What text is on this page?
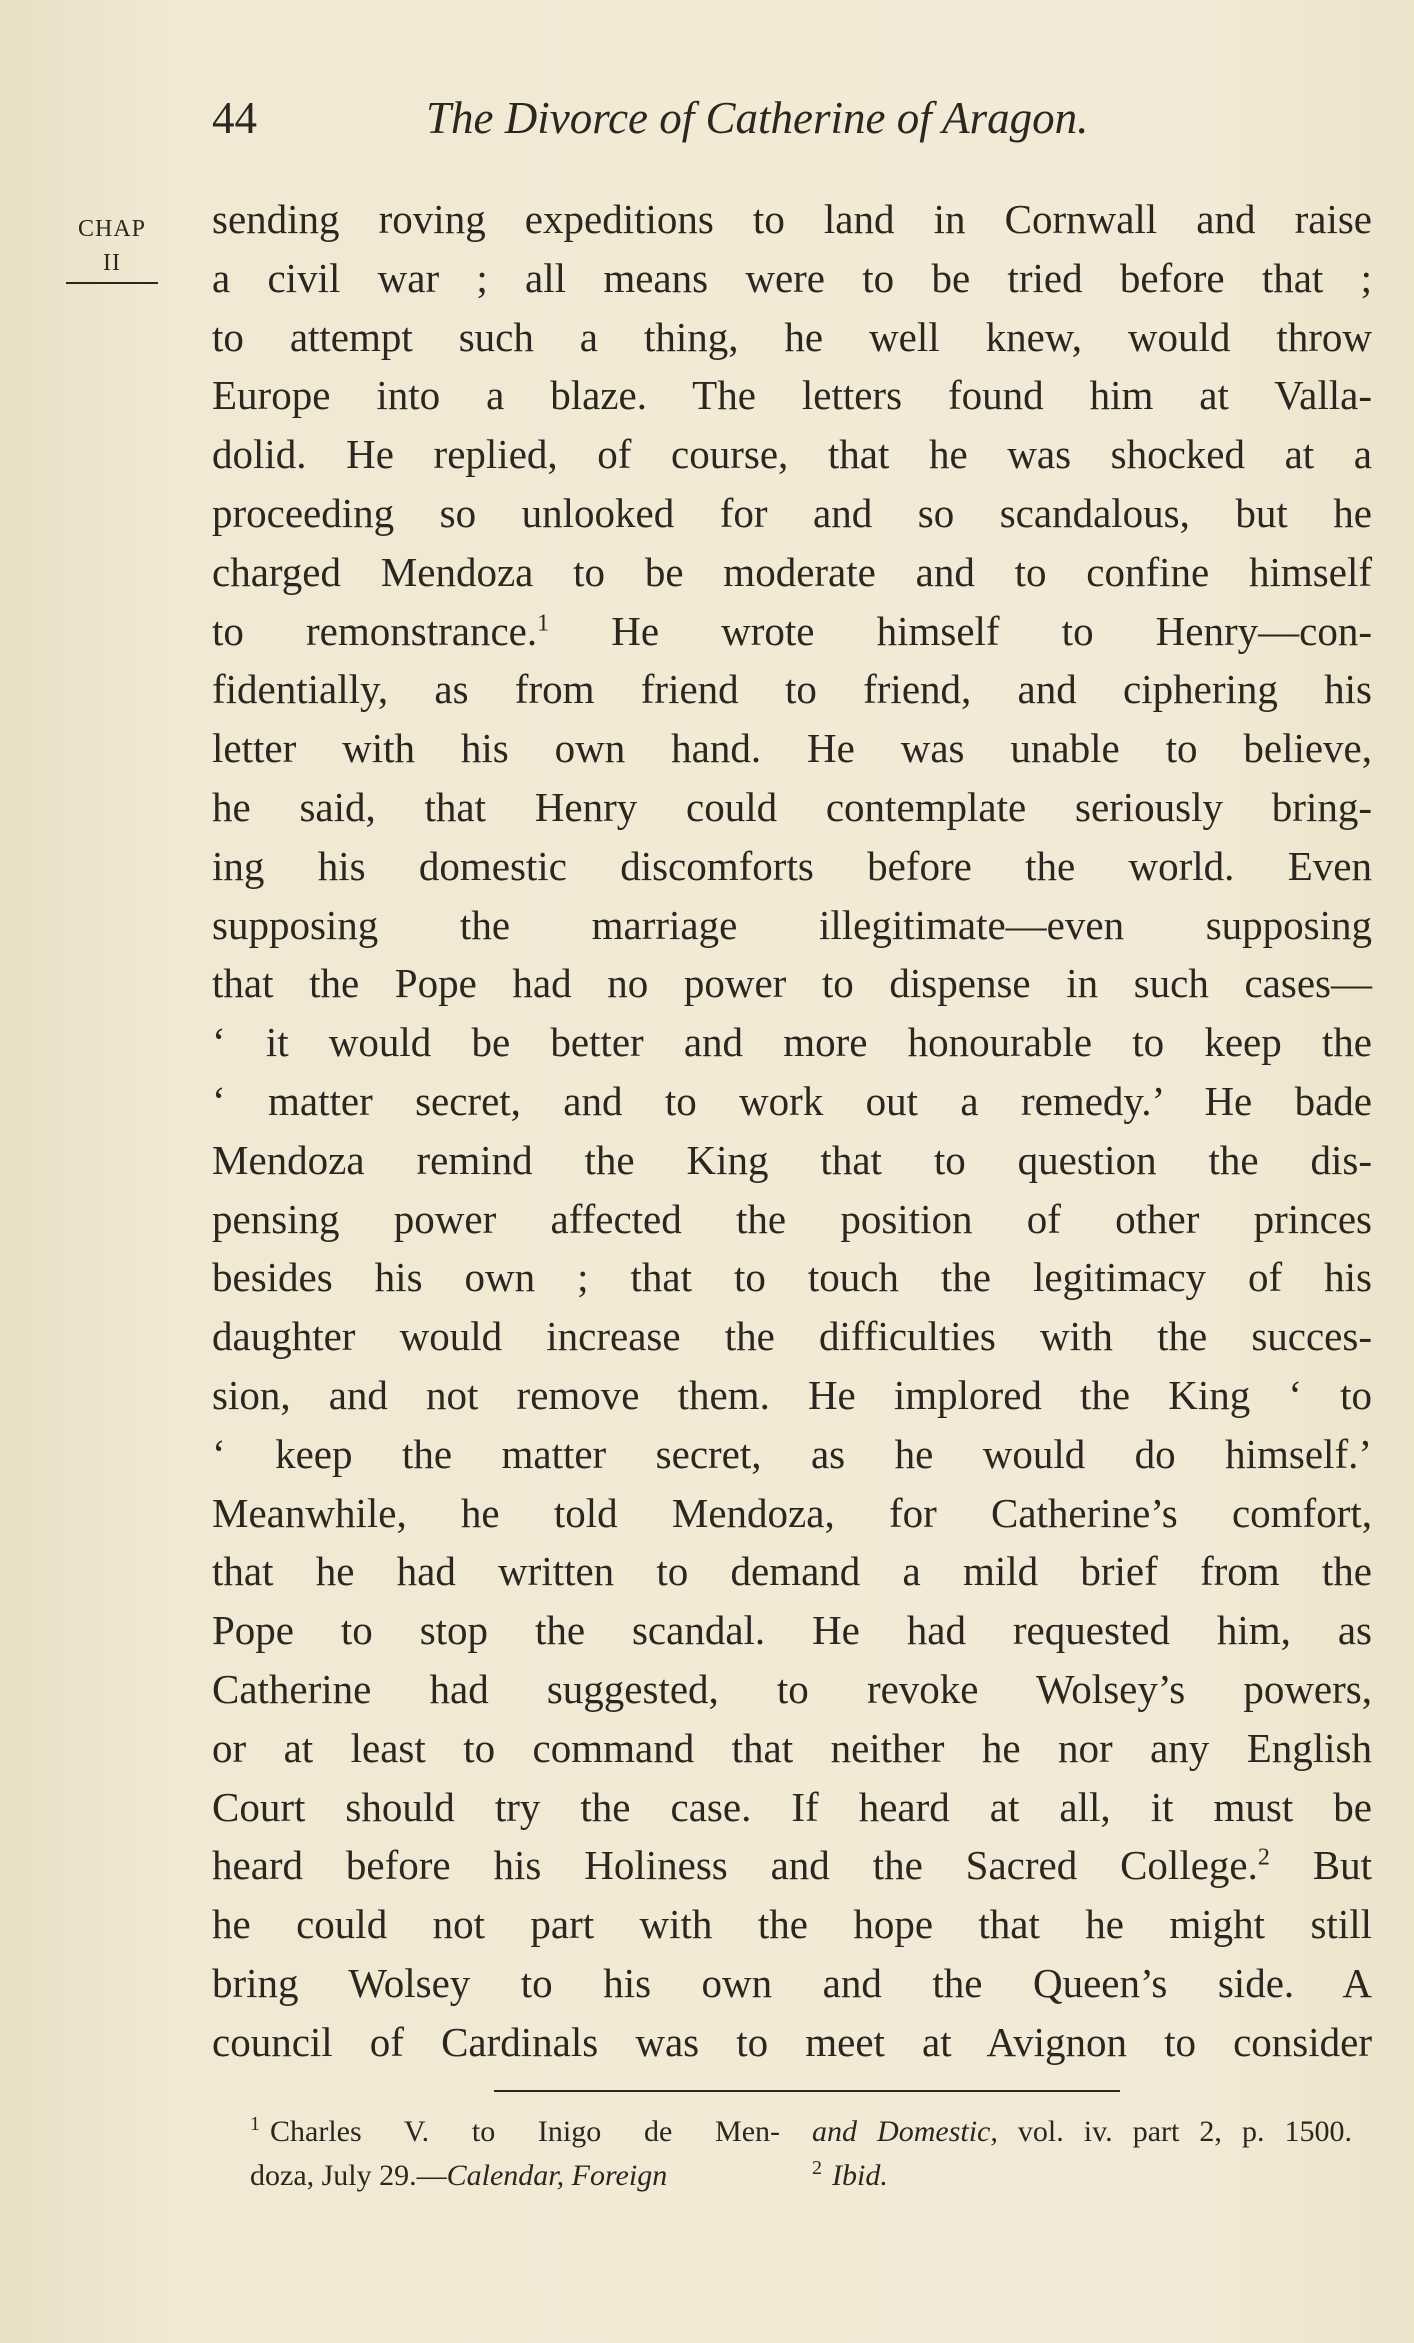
44	The Divorce of Catherine of Aragon.
CHAP
II
sending roving expeditions to land in Cornwall and raise
a civil war ; all means were to be tried before that ;
to attempt such a thing, he well knew, would throw
Europe into a blaze. The letters found him at Valla-
dolid. He replied, of course, that he was shocked at a
proceeding so unlooked for and so scandalous, but he
charged Mendoza to be moderate and to confine himself
to remonstrance.$^1$ He wrote himself to Henry—con-
fidentially, as from friend to friend, and ciphering his
letter with his own hand. He was unable to believe,
he said, that Henry could contemplate seriously bring-
ing his domestic discomforts before the world. Even
supposing the marriage illegitimate—even supposing
that the Pope had no power to dispense in such cases—
‘ it would be better and more honourable to keep the
‘ matter secret, and to work out a remedy.’ He bade
Mendoza remind the King that to question the dis-
pensing power affected the position of other princes
besides his own ; that to touch the legitimacy of his
daughter would increase the difficulties with the succes-
sion, and not remove them. He implored the King ‘ to
‘ keep the matter secret, as he would do himself.’
Meanwhile, he told Mendoza, for Catherine’s comfort,
that he had written to demand a mild brief from the
Pope to stop the scandal. He had requested him, as
Catherine had suggested, to revoke Wolsey’s powers,
or at least to command that neither he nor any English
Court should try the case. If heard at all, it must be
heard before his Holiness and the Sacred College.$^2$ But
he could not part with the hope that he might still
bring Wolsey to his own and the Queen’s side. A
council of Cardinals was to meet at Avignon to consider
$^1$ Charles V. to Inigo de Men-
doza, July 29.—Calendar, Foreign
and Domestic, vol. iv. part 2, p. 1500.
$^2$ Ibid.
